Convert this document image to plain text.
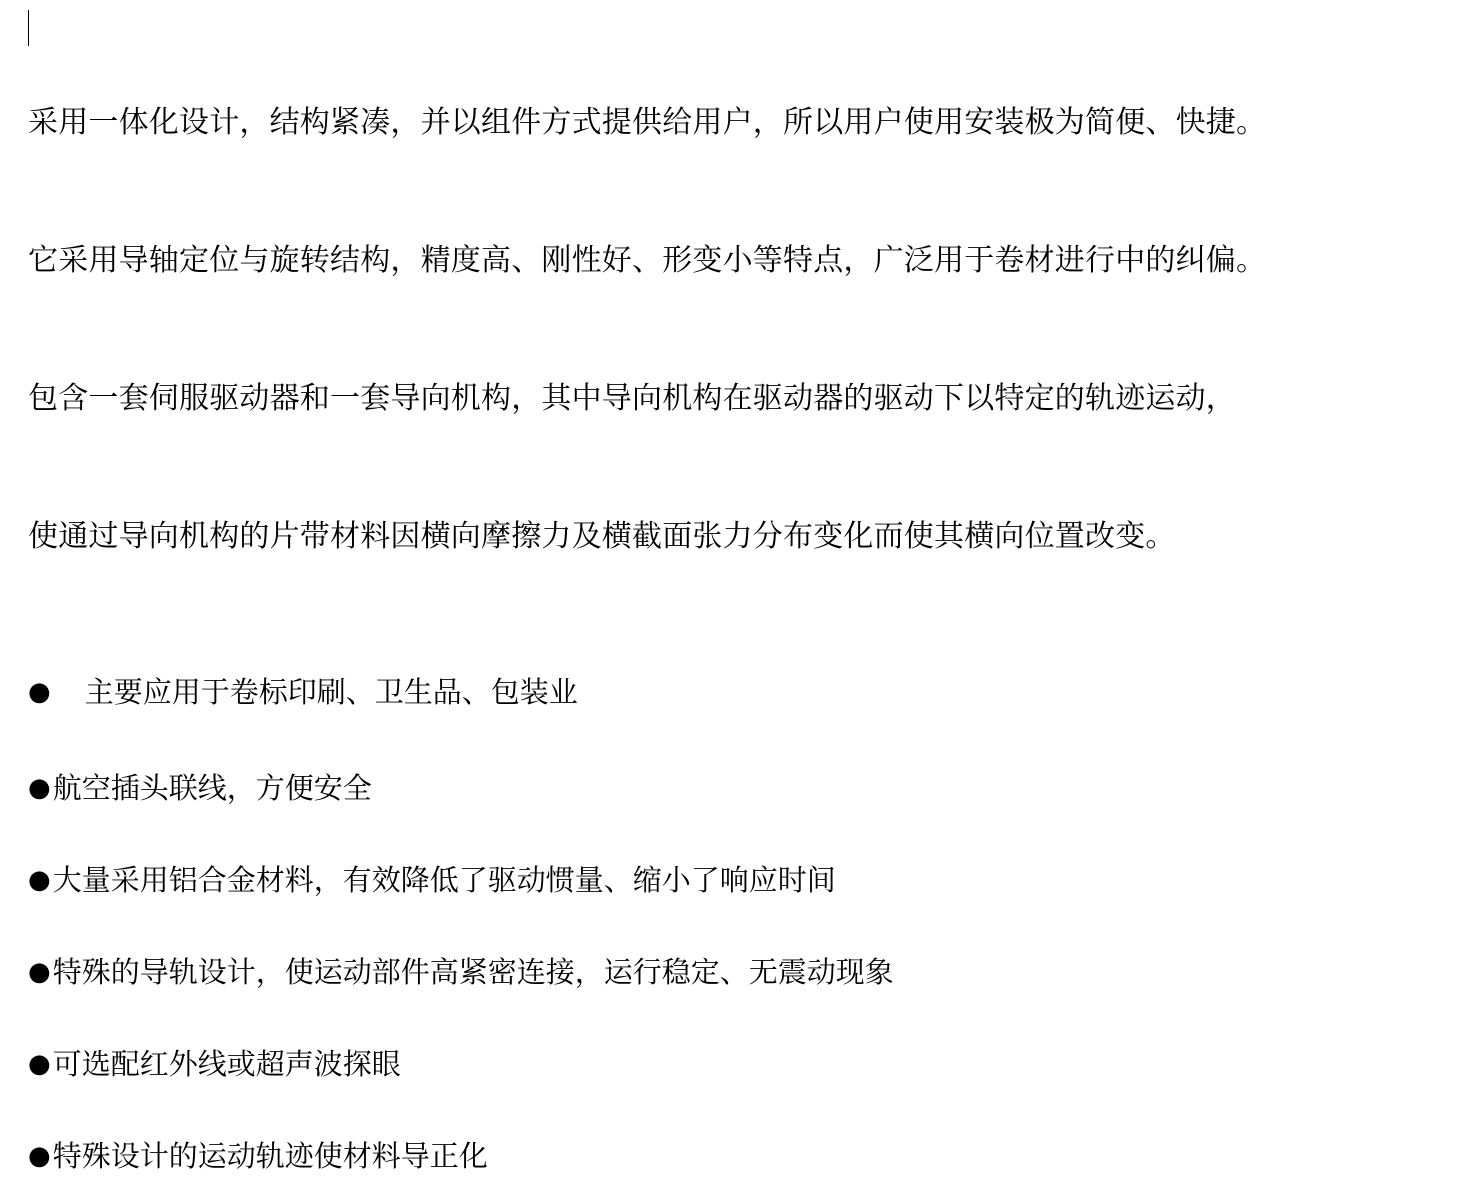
采用一体化设计，结构紧凑，并以组件方式提供给用户，所以用户使用安装极为简便、快捷。

它采用导轴定位与旋转结构，精度高、刚性好、形变小等特点，广泛用于卷材进行中的纠偏。

包含一套伺服驱动器和一套导向机构，其中导向机构在驱动器的驱动下以特定的轨迹运动，

使通过导向机构的片带材料因横向摩擦力及横截面张力分布变化而使其横向位置改变。

● 主要应用于卷标印刷、卫生品、包装业
● 航空插头联线，方便安全
● 大量采用铝合金材料，有效降低了驱动惯量、缩小了响应时间
● 特殊的导轨设计，使运动部件高紧密连接，运行稳定、无震动现象
● 可选配红外线或超声波探眼
● 特殊设计的运动轨迹使材料导正化
